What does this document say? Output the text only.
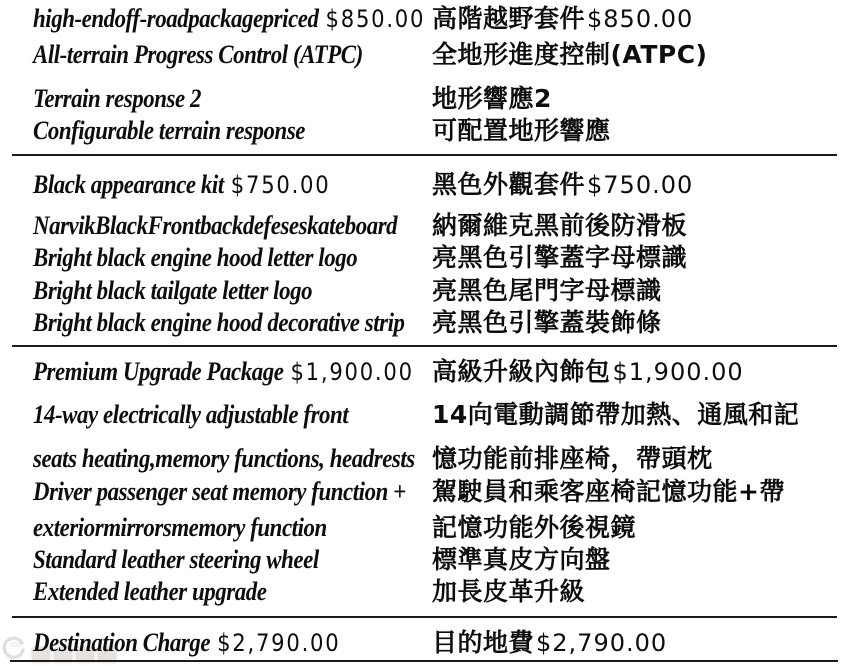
100
high-endoff-roadpackagepriced $850.00 高階越野套件$850.00
All-terrain Progress Control (ATPC)	全地形進度控制(ATPC)
Terrain response 2	地形響應2
Configurable terrain response	可配置地形響應
Black appearance kit $750.00	黑色外觀套件$750.00
NarvikBlackFrontbackdefeseskateboard 納爾維克黑前後防滑板
Bright black engine hood letter logo	亮黑色引擎蓋字母標識
Bright black tailgate letter logo	亮黑色尾門字母標識
Bright black engine hood decorative strip 亮黑色引擎蓋裝飾條
Premium Upgrade Package $1,900.00 高級升級內飾包$1,900.00
14-way electrically adjustable front	14向電動調節帶加熱、通風和記
seats heating,memory functions, headrests 憶功能前排座椅，帶頭枕
Driver passenger seat memory function + 駕駛員和乘客座椅記憶功能+帶
exteriormirrorsmemory function	記憶功能外後視鏡
Standard leather steering wheel	標準真皮方向盤
Extended leather upgrade	加長皮革升級
Destination Charge $2,790.00	目的地費$2,790.00
